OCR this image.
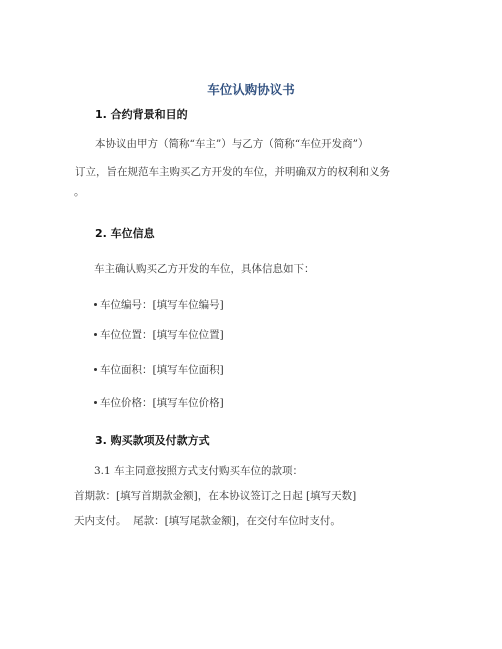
车位认购协议书
1. 合约背景和目的
本协议由甲方（简称“车主”）与乙方（简称“车位开发商”）
订立，旨在规范车主购买乙方开发的车位，并明确双方的权利和义务
。
2. 车位信息
车主确认购买乙方开发的车位，具体信息如下：
车位编号：[填写车位编号]
车位位置：[填写车位位置]
车位面积：[填写车位面积]
车位价格：[填写车位价格]
3. 购买款项及付款方式
3.1 车主同意按照方式支付购买车位的款项：
首期款：[填写首期款金额]，在本协议签订之日起 [填写天数]
天内支付。  尾款：[填写尾款金额]，在交付车位时支付。
